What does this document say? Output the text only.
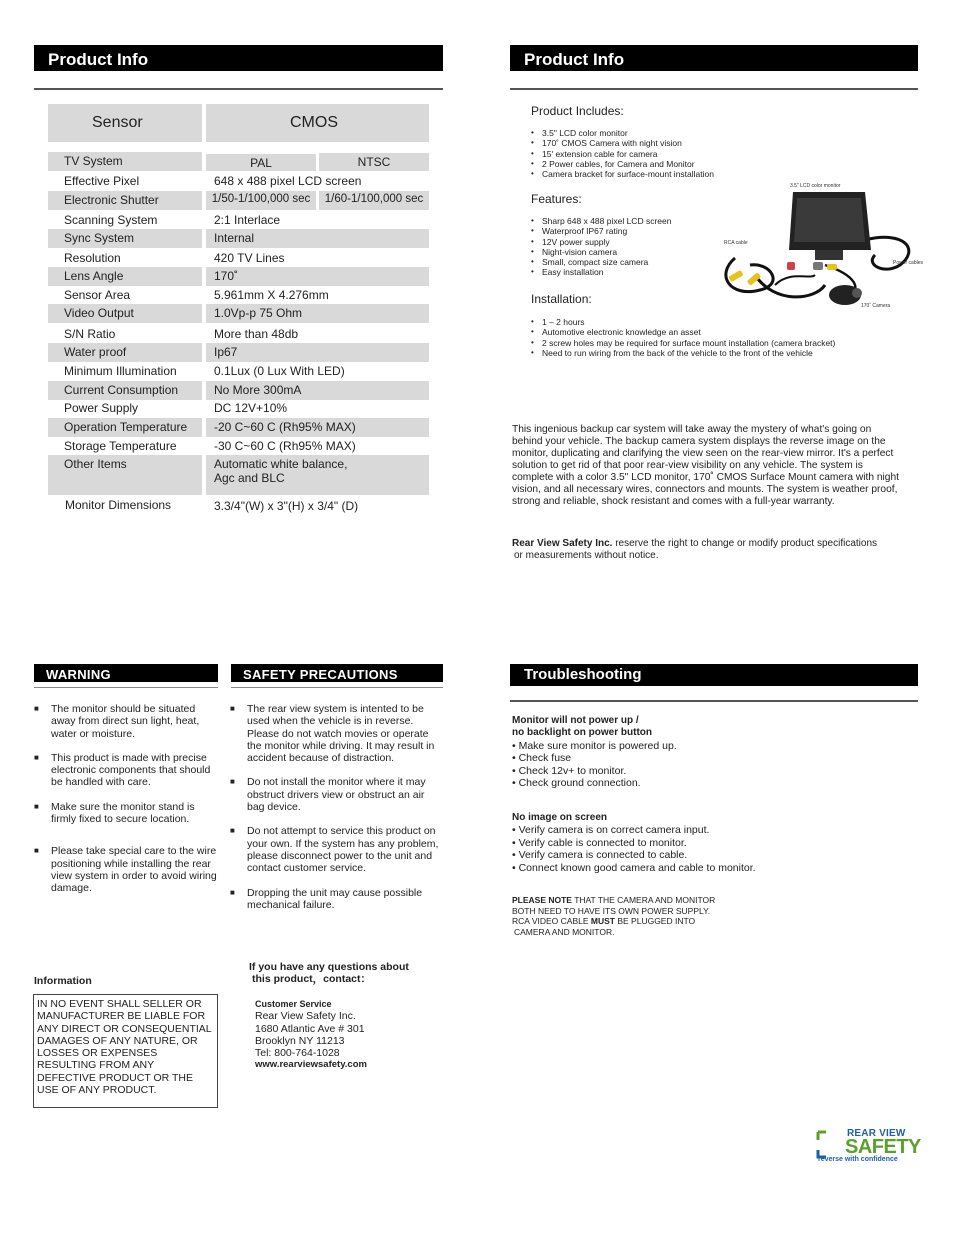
Product Info
Sensor	CMOS
TV System	PAL	NTSC
Effective Pixel	648 x 488 pixel LCD screen
Electronic Shutter	1/50-1/100,000 sec	1/60-1/100,000 sec
Scanning System	2:1 Interlace
Sync System	Internal
Resolution	420 TV Lines
Lens Angle	170˚
Sensor Area	5.961mm X 4.276mm
Video Output	1.0Vp-p 75 Ohm
S/N Ratio	More than 48db
Water proof	Ip67
Minimum Illumination	0.1Lux (0 Lux With LED)
Current Consumption	No More 300mA
Power Supply	DC 12V+10%
Operation Temperature	-20 C~60 C (Rh95% MAX)
Storage Temperature	-30 C~60 C (Rh95% MAX)
Other Items	Automatic white balance,
Agc and BLC
Monitor Dimensions	3.3/4"(W) x 3"(H) x 3/4" (D)
Product Info
Product Includes:
• 3.5" LCD color monitor
• 170˚ CMOS Camera with night vision
• 15' extension cable for camera
• 2 Power cables, for Camera and Monitor
• Camera bracket for surface-mount installation
Features:
• Sharp 648 x 488 pixel LCD screen
• Waterproof IP67 rating
• 12V power supply
• Night-vision camera
• Small, compact size camera
• Easy installation
3.5" LCD color monitor
RCA cable
Power cables
170˚ Camera
Installation:
• 1 – 2 hours
• Automotive electronic knowledge an asset
• 2 screw holes may be required for surface mount installation (camera bracket)
• Need to run wiring from the back of the vehicle to the front of the vehicle
This ingenious backup car system will take away the mystery of what's going on behind your vehicle. The backup camera system displays the reverse image on the monitor, duplicating and clarifying the view seen on the rear-view mirror. It's a perfect solution to get rid of that poor rear-view visibility on any vehicle. The system is complete with a color 3.5" LCD monitor, 170˚ CMOS Surface Mount camera with night vision, and all necessary wires, connectors and mounts. The system is weather proof, strong and reliable, shock resistant and comes with a full-year warranty.
Rear View Safety Inc. reserve the right to change or modify product specifications
or measurements without notice.
WARNING
■ The monitor should be situated away from direct sun light, heat, water or moisture.
■ This product is made with precise electronic components that should be handled with care.
■ Make sure the monitor stand is firmly fixed to secure location.
■ Please take special care to the wire positioning while installing the rear view system in order to avoid wiring damage.
SAFETY PRECAUTIONS
■ The rear view system is intented to be used when the vehicle is in reverse. Please do not watch movies or operate the monitor while driving. It may result in accident because of distraction.
■ Do not install the monitor where it may obstruct drivers view or obstruct an air bag device.
■ Do not attempt to service this product on your own. If the system has any problem, please disconnect power to the unit and contact customer service.
■ Dropping the unit may cause possible mechanical failure.
Troubleshooting
Monitor will not power up /
no backlight on power button
• Make sure monitor is powered up.
• Check fuse
• Check 12v+ to monitor.
• Check ground connection.
No image on screen
• Verify camera is on correct camera input.
• Verify cable is connected to monitor.
• Verify camera is connected to cable.
• Connect known good camera and cable to monitor.
PLEASE NOTE THAT THE CAMERA AND MONITOR
BOTH NEED TO HAVE ITS OWN POWER SUPPLY.
RCA VIDEO CABLE MUST BE PLUGGED INTO
CAMERA AND MONITOR.
Information
IN NO EVENT SHALL SELLER OR MANUFACTURER BE LIABLE FOR ANY DIRECT OR CONSEQUENTIAL DAMAGES OF ANY NATURE, OR LOSSES OR EXPENSES RESULTING FROM ANY DEFECTIVE PRODUCT OR THE USE OF ANY PRODUCT.
If you have any questions about
this product，contact：
Customer Service
Rear View Safety Inc.
1680 Atlantic Ave # 301
Brooklyn NY 11213
Tel: 800-764-1028
www.rearviewsafety.com
REAR VIEW
SAFETY
reverse with confidence
